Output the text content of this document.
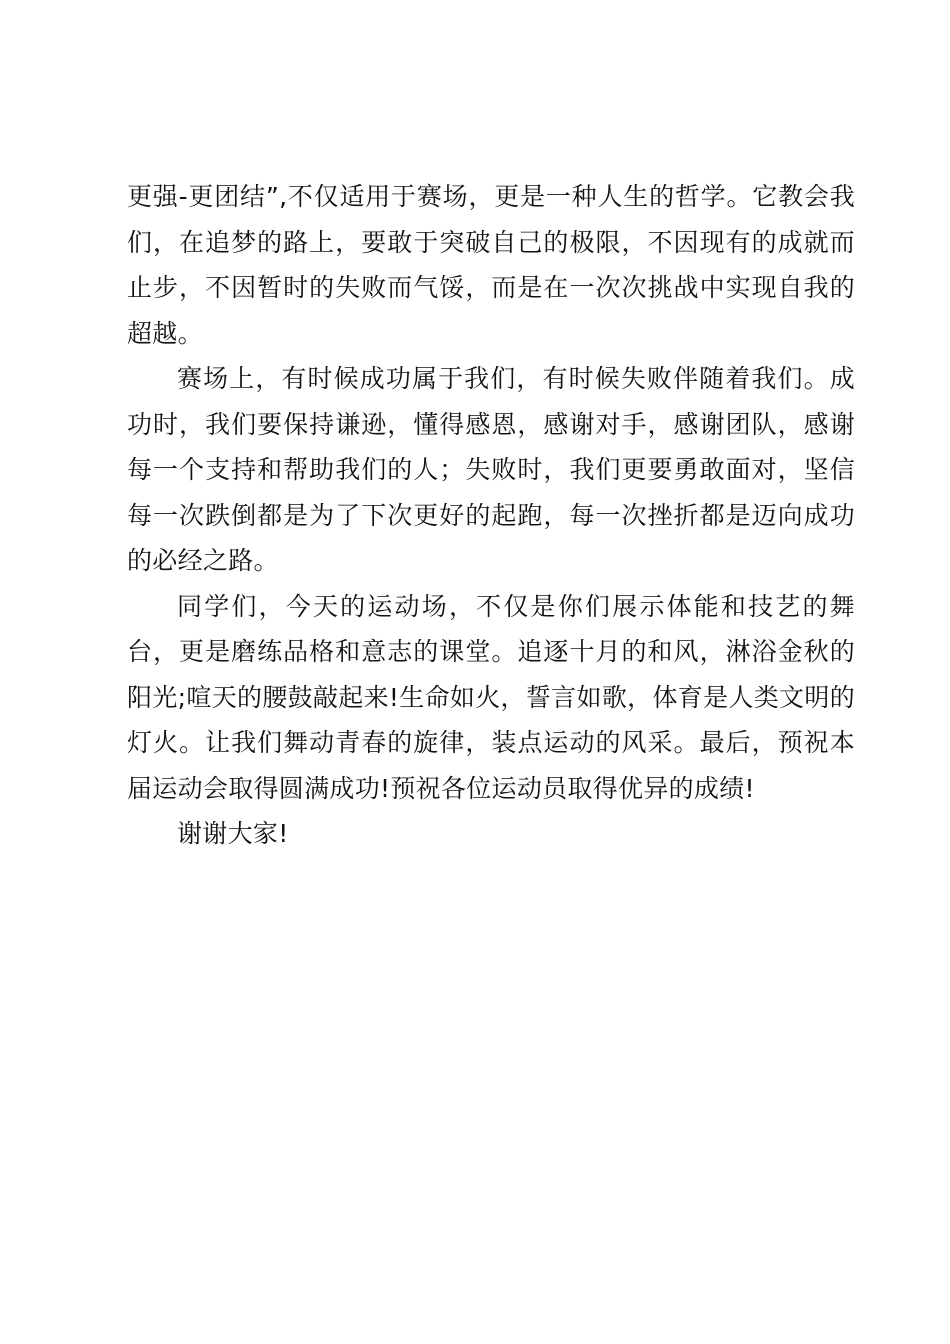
更强-更团结”,不仅适用于赛场，更是一种人生的哲学。它教会我们，在追梦的路上，要敢于突破自己的极限，不因现有的成就而止步，不因暂时的失败而气馁，而是在一次次挑战中实现自我的超越。

赛场上，有时候成功属于我们，有时候失败伴随着我们。成功时，我们要保持谦逊，懂得感恩，感谢对手，感谢团队，感谢每一个支持和帮助我们的人；失败时，我们更要勇敢面对，坚信每一次跌倒都是为了下次更好的起跑，每一次挫折都是迈向成功的必经之路。

同学们，今天的运动场，不仅是你们展示体能和技艺的舞台，更是磨练品格和意志的课堂。追逐十月的和风，淋浴金秋的阳光;喧天的腰鼓敲起来!生命如火，誓言如歌，体育是人类文明的灯火。让我们舞动青春的旋律，装点运动的风采。最后，预祝本届运动会取得圆满成功!预祝各位运动员取得优异的成绩!

谢谢大家!
